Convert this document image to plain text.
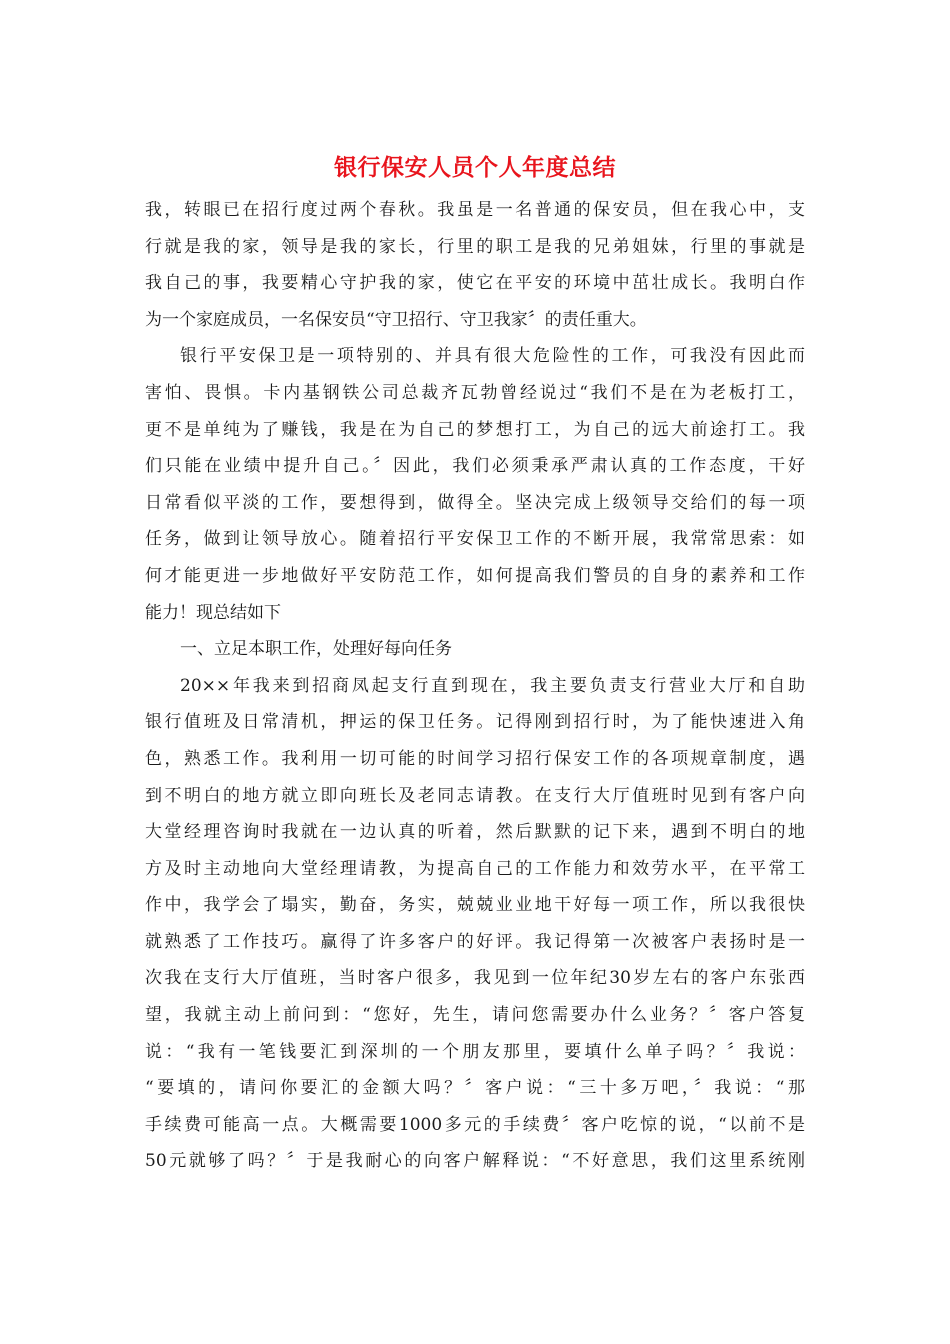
银行保安人员个人年度总结
我，转眼已在招行度过两个春秋。我虽是一名普通的保安员，但在我心中，支
行就是我的家，领导是我的家长，行里的职工是我的兄弟姐妹，行里的事就是
我自己的事，我要精心守护我的家，使它在平安的环境中茁壮成长。我明白作
为一个家庭成员，一名保安员“守卫招行、守卫我家〞的责任重大。
银行平安保卫是一项特别的、并具有很大危险性的工作，可我没有因此而
害怕、畏惧。卡内基钢铁公司总裁齐瓦勃曾经说过“我们不是在为老板打工，
更不是单纯为了赚钱，我是在为自己的梦想打工，为自己的远大前途打工。我
们只能在业绩中提升自己。〞因此，我们必须秉承严肃认真的工作态度，干好
日常看似平淡的工作，要想得到，做得全。坚决完成上级领导交给们的每一项
任务，做到让领导放心。随着招行平安保卫工作的不断开展，我常常思索：如
何才能更进一步地做好平安防范工作，如何提高我们警员的自身的素养和工作
能力！现总结如下
一、立足本职工作，处理好每向任务
20××年我来到招商凤起支行直到现在，我主要负责支行营业大厅和自助
银行值班及日常清机，押运的保卫任务。记得刚到招行时，为了能快速进入角
色，熟悉工作。我利用一切可能的时间学习招行保安工作的各项规章制度，遇
到不明白的地方就立即向班长及老同志请教。在支行大厅值班时见到有客户向
大堂经理咨询时我就在一边认真的听着，然后默默的记下来，遇到不明白的地
方及时主动地向大堂经理请教，为提高自己的工作能力和效劳水平，在平常工
作中，我学会了塌实，勤奋，务实，兢兢业业地干好每一项工作，所以我很快
就熟悉了工作技巧。赢得了许多客户的好评。我记得第一次被客户表扬时是一
次我在支行大厅值班，当时客户很多，我见到一位年纪30岁左右的客户东张西
望，我就主动上前问到：“您好，先生，请问您需要办什么业务？〞客户答复
说：“我有一笔钱要汇到深圳的一个朋友那里，要填什么单子吗？〞我说：
“要填的，请问你要汇的金额大吗？〞客户说：“三十多万吧，〞我说：“那
手续费可能高一点。大概需要1000多元的手续费〞客户吃惊的说，“以前不是
50元就够了吗？〞于是我耐心的向客户解释说：“不好意思，我们这里系统刚
